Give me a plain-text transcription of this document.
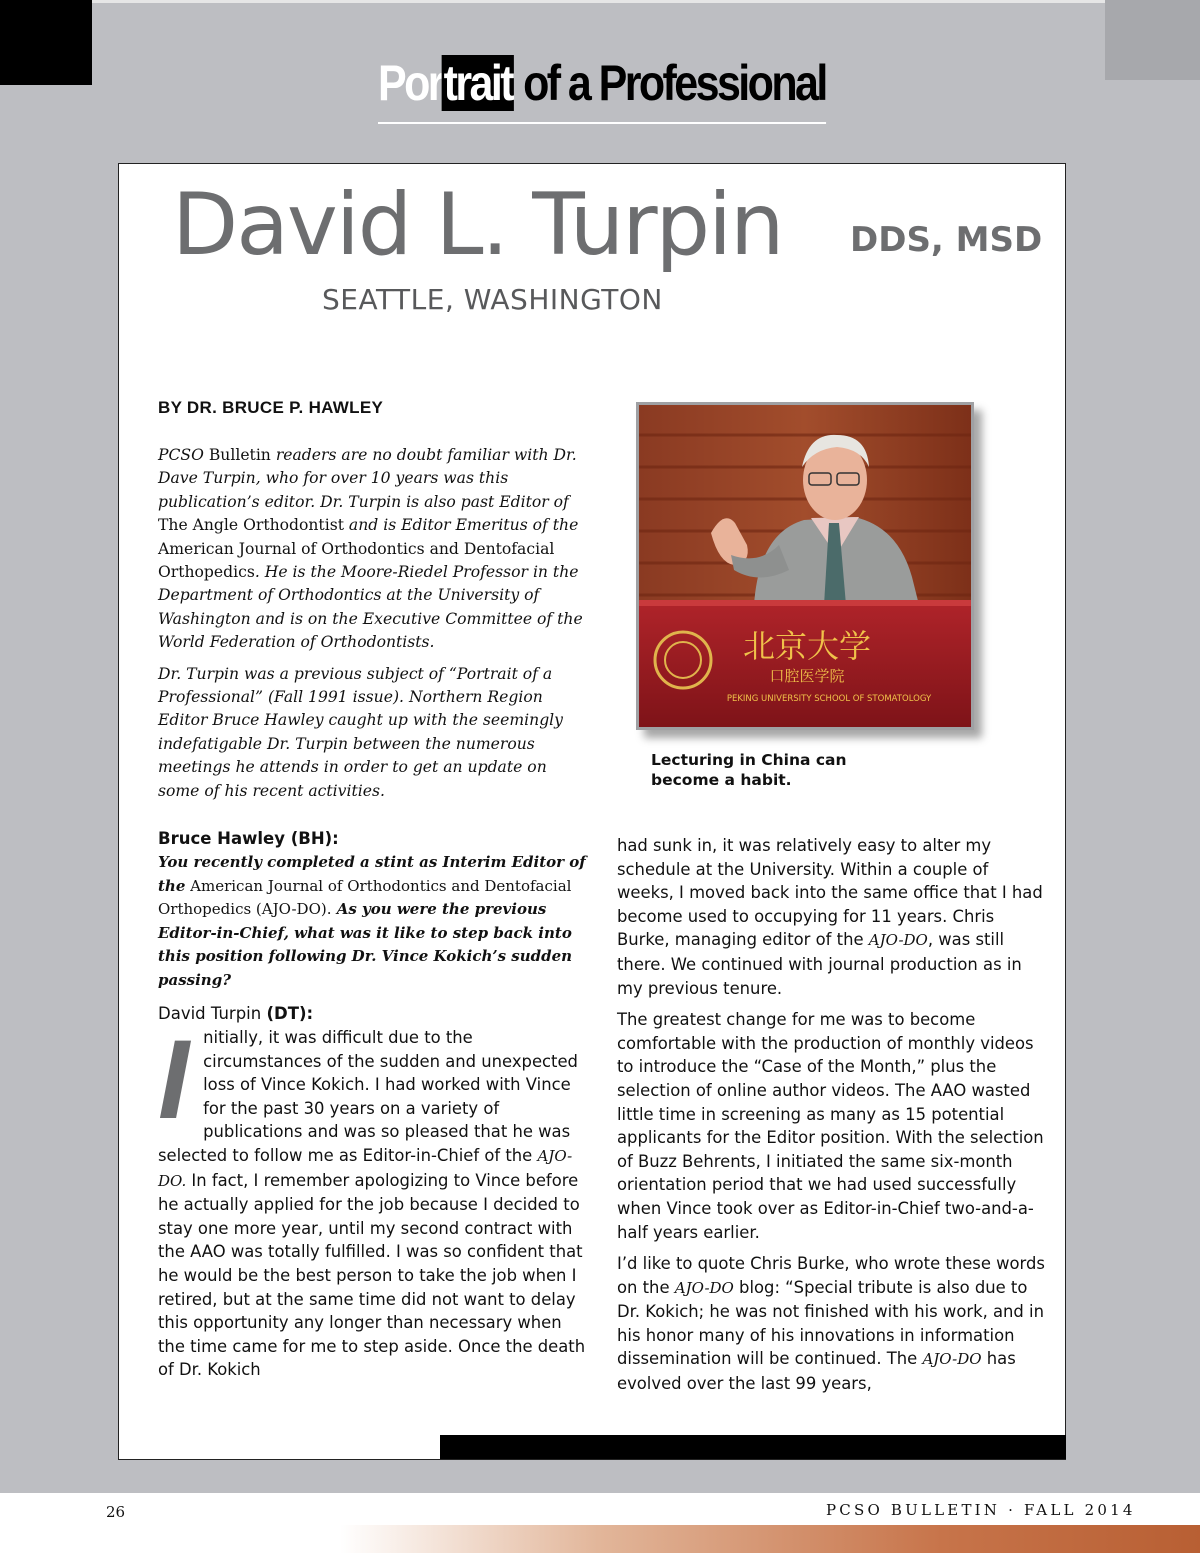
Portrait of a Professional
David L. Turpin DDS, MSD
SEATTLE, WASHINGTON
BY DR. BRUCE P. HAWLEY

PCSO Bulletin readers are no doubt familiar with Dr. Dave Turpin, who for over 10 years was this publication’s editor. Dr. Turpin is also past Editor of The Angle Orthodontist and is Editor Emeritus of the American Journal of Orthodontics and Dentofacial Orthopedics. He is the Moore-Riedel Professor in the Department of Orthodontics at the University of Washington and is on the Executive Committee of the World Federation of Orthodontists.

Dr. Turpin was a previous subject of “Portrait of a Professional” (Fall 1991 issue). Northern Region Editor Bruce Hawley caught up with the seemingly indefatigable Dr. Turpin between the numerous meetings he attends in order to get an update on some of his recent activities.

北京大学
口腔医学院
PEKING UNIVERSITY SCHOOL OF STOMATOLOGY
Lecturing in China can become a habit.

Bruce Hawley (BH):

You recently completed a stint as Interim Editor of the American Journal of Orthodontics and Dentofacial Orthopedics (AJO-DO). As you were the previous Editor-in-Chief, what was it like to step back into this position following Dr. Vince Kokich’s sudden passing?

David Turpin (DT):

Initially, it was difficult due to the circumstances of the sudden and unexpected loss of Vince Kokich. I had worked with Vince for the past 30 years on a variety of publications and was so pleased that he was selected to follow me as Editor-in-Chief of the AJO-DO. In fact, I remember apologizing to Vince before he actually applied for the job because I decided to stay one more year, until my second contract with the AAO was totally fulfilled. I was so confident that he would be the best person to take the job when I retired, but at the same time did not want to delay this opportunity any longer than necessary when the time came for me to step aside. Once the death of Dr. Kokich

had sunk in, it was relatively easy to alter my schedule at the University. Within a couple of weeks, I moved back into the same office that I had become used to occupying for 11 years. Chris Burke, managing editor of the AJO-DO, was still there. We continued with journal production as in my previous tenure.

The greatest change for me was to become comfortable with the production of monthly videos to introduce the “Case of the Month,” plus the selection of online author videos. The AAO wasted little time in screening as many as 15 potential applicants for the Editor position. With the selection of Buzz Behrents, I initiated the same six-month orientation period that we had used successfully when Vince took over as Editor-in-Chief two-and-a-half years earlier.

I’d like to quote Chris Burke, who wrote these words on the AJO-DO blog: “Special tribute is also due to Dr. Kokich; he was not finished with his work, and in his honor many of his innovations in information dissemination will be continued. The AJO-DO has evolved over the last 99 years,

26	PCSO BULLETIN · FALL 2014
